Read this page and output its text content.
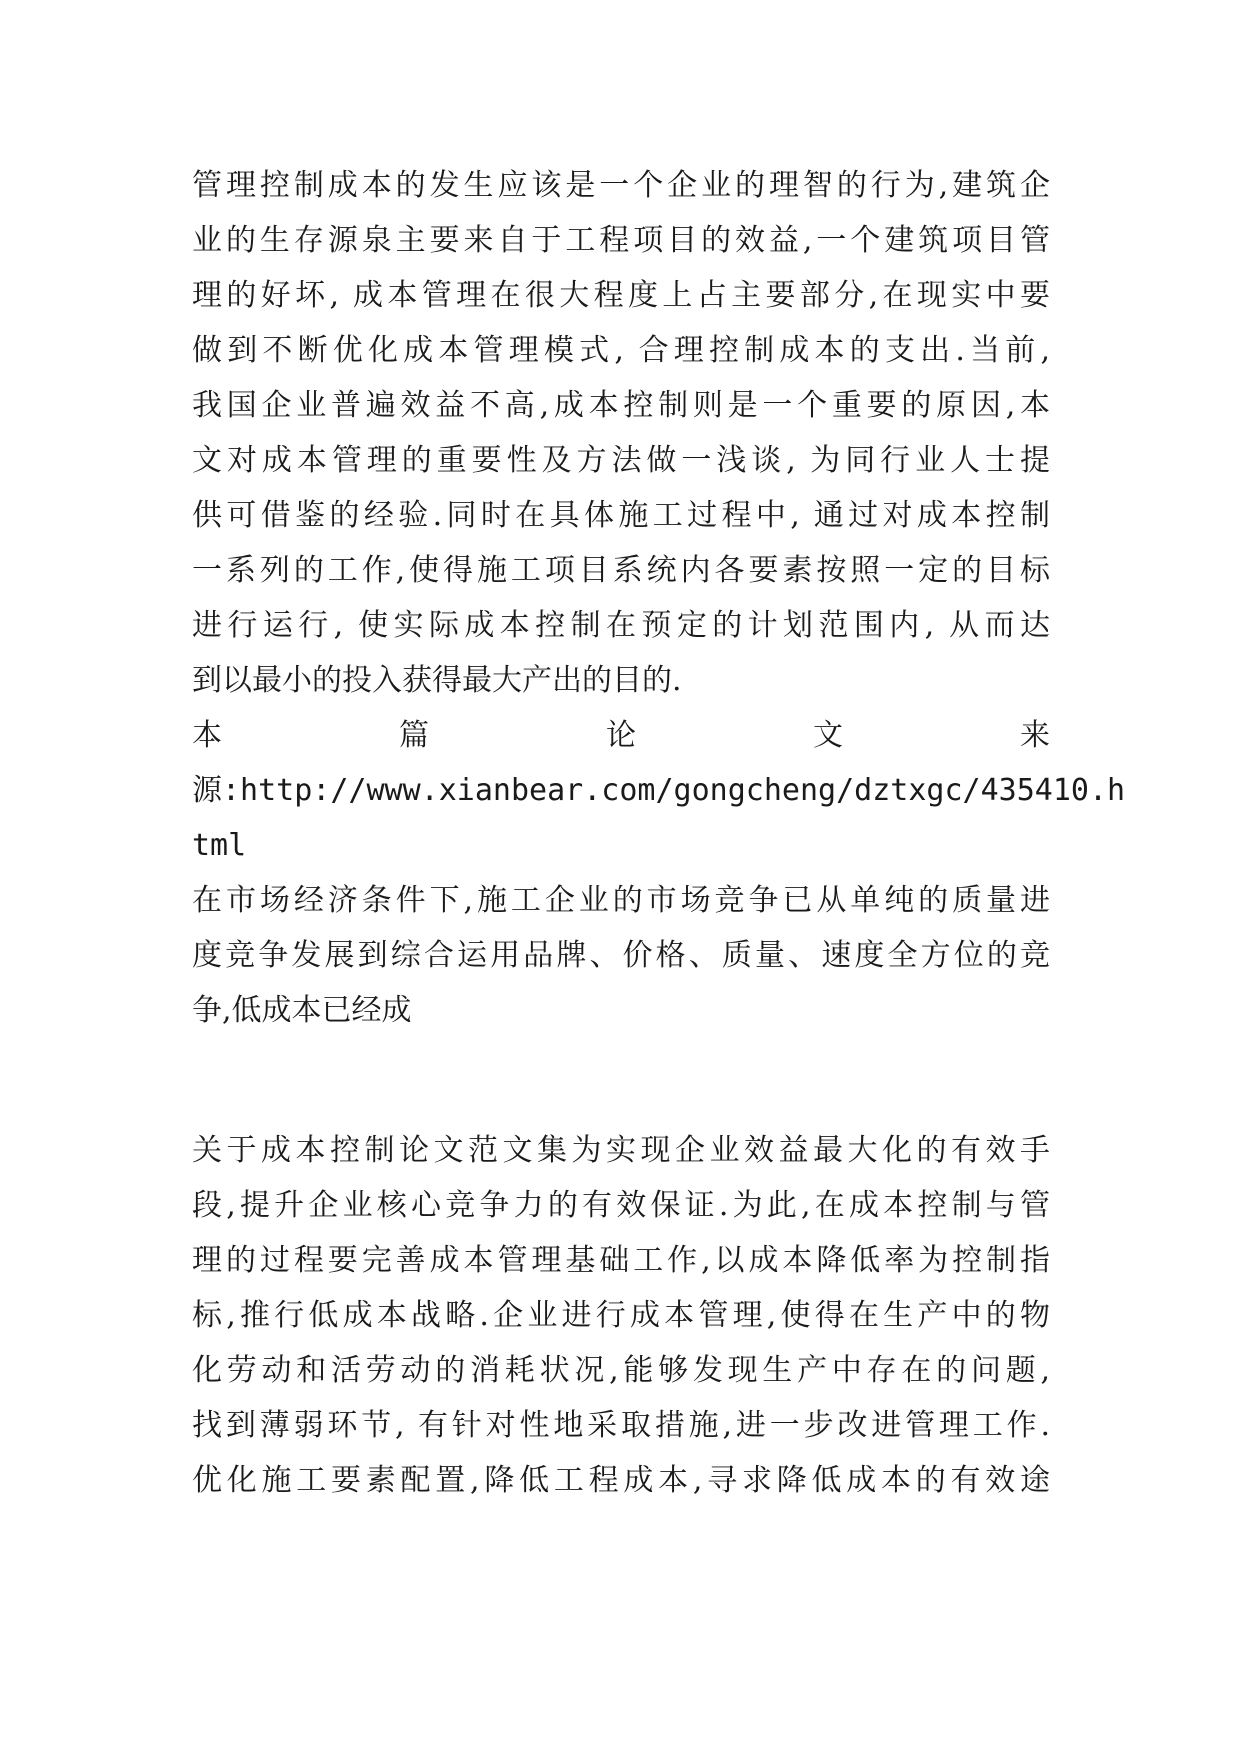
管理控制成本的发生应该是一个企业的理智的行为,建筑企
业的生存源泉主要来自于工程项目的效益,一个建筑项目管
理的好坏, 成本管理在很大程度上占主要部分,在现实中要
做到不断优化成本管理模式, 合理控制成本的支出.当前,
我国企业普遍效益不高,成本控制则是一个重要的原因,本
文对成本管理的重要性及方法做一浅谈, 为同行业人士提
供可借鉴的经验.同时在具体施工过程中, 通过对成本控制
一系列的工作,使得施工项目系统内各要素按照一定的目标
进行运行, 使实际成本控制在预定的计划范围内, 从而达
到以最小的投入获得最大产出的目的.
本 篇 论 文 来
源:http://www.xianbear.com/gongcheng/dztxgc/435410.h
tml
在市场经济条件下,施工企业的市场竞争已从单纯的质量进
度竞争发展到综合运用品牌、价格、质量、速度全方位的竞
争,低成本已经成
关于成本控制论文范文集为实现企业效益最大化的有效手
段,提升企业核心竞争力的有效保证.为此,在成本控制与管
理的过程要完善成本管理基础工作,以成本降低率为控制指
标,推行低成本战略.企业进行成本管理,使得在生产中的物
化劳动和活劳动的消耗状况,能够发现生产中存在的问题,
找到薄弱环节, 有针对性地采取措施,进一步改进管理工作.
优化施工要素配置,降低工程成本,寻求降低成本的有效途
